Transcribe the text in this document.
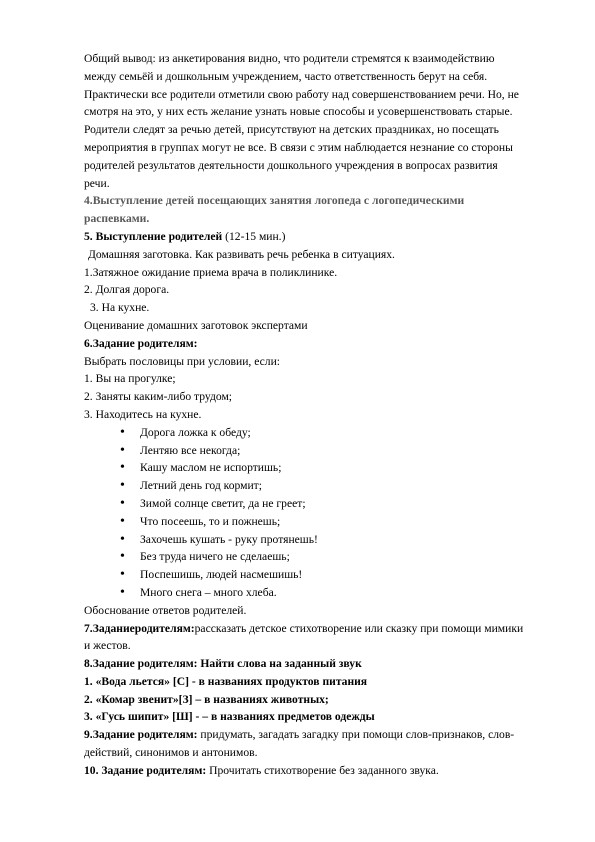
Общий вывод: из анкетирования видно, что родители стремятся к взаимодействию между семьёй и дошкольным учреждением, часто ответственность берут на себя.

Практически все родители отметили свою работу над совершенствованием речи. Но, не смотря на это, у них есть желание узнать новые способы и усовершенствовать старые. Родители следят за речью детей, присутствуют на детских праздниках, но посещать мероприятия в группах могут не все. В связи с этим наблюдается незнание со стороны родителей результатов деятельности дошкольного учреждения в вопросах развития речи.

4.Выступление детей посещающих занятия логопеда с логопедическими распевками.

5. Выступление родителей (12-15 мин.)

Домашняя заготовка. Как развивать речь ребенка в ситуациях.

1.Затяжное ожидание приема врача в поликлинике.

2. Долгая дорога.

3. На кухне.

Оценивание домашних заготовок экспертами

6.Задание родителям:

Выбрать пословицы при условии, если:

1. Вы на прогулке;

2. Заняты каким-либо трудом;

3. Находитесь на кухне.

• Дорога ложка к обеду;
• Лентяю все некогда;
• Кашу маслом не испортишь;
• Летний день год кормит;
• Зимой солнце светит, да не греет;
• Что посеешь, то и пожнешь;
• Захочешь кушать - руку протянешь!
• Без труда ничего не сделаешь;
• Поспешишь, людей насмешишь!
• Много снега – много хлеба.

Обоснование ответов родителей.

7.Заданиеродителям:рассказать детское стихотворение или сказку при помощи мимики и жестов.

8.Задание родителям: Найти слова на заданный звук

1. «Вода льется» [С] - в названиях продуктов питания

2. «Комар звенит»[З] – в названиях животных;

3. «Гусь шипит» [Ш] - – в названиях предметов одежды

9.Задание родителям: придумать, загадать загадку при помощи слов-признаков, слов-действий, синонимов и антонимов.

10. Задание родителям: Прочитать стихотворение без заданного звука.
